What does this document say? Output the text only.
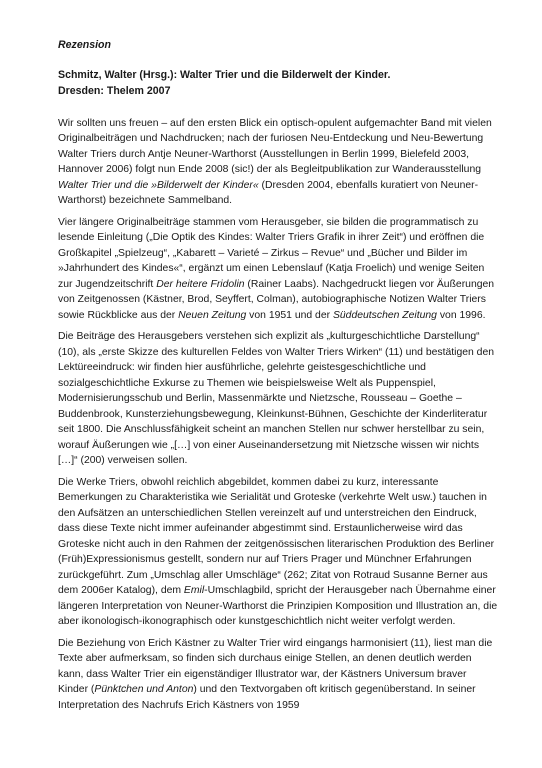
Rezension

Schmitz, Walter (Hrsg.): Walter Trier und die Bilderwelt der Kinder.
Dresden: Thelem 2007

Wir sollten uns freuen – auf den ersten Blick ein optisch-opulent aufgemachter Band mit vielen Originalbeiträgen und Nachdrucken; nach der furiosen Neu-Entdeckung und Neu-Bewertung Walter Triers durch Antje Neuner-Warthorst (Ausstellungen in Berlin 1999, Bielefeld 2003, Hannover 2006) folgt nun Ende 2008 (sic!) der als Begleitpublikation zur Wanderausstellung Walter Trier und die »Bilderwelt der Kinder« (Dresden 2004, ebenfalls kuratiert von Neuner-Warthorst) bezeichnete Sammelband.

Vier längere Originalbeiträge stammen vom Herausgeber, sie bilden die programmatisch zu lesende Einleitung („Die Optik des Kindes: Walter Triers Grafik in ihrer Zeit“) und eröffnen die Großkapitel „Spielzeug“, „Kabarett – Varieté – Zirkus – Revue“ und „Bücher und Bilder im »Jahrhundert des Kindes«“, ergänzt um einen Lebenslauf (Katja Froelich) und wenige Seiten zur Jugendzeitschrift Der heitere Fridolin (Rainer Laabs). Nachgedruckt liegen vor Äußerungen von Zeitgenossen (Kästner, Brod, Seyffert, Colman), autobiographische Notizen Walter Triers sowie Rückblicke aus der Neuen Zeitung von 1951 und der Süddeutschen Zeitung von 1996.

Die Beiträge des Herausgebers verstehen sich explizit als „kulturgeschichtliche Darstellung“ (10), als „erste Skizze des kulturellen Feldes von Walter Triers Wirken“ (11) und bestätigen den Lektüreeindruck: wir finden hier ausführliche, gelehrte geistesgeschichtliche und sozialgeschichtliche Exkurse zu Themen wie beispielsweise Welt als Puppenspiel, Modernisierungsschub und Berlin, Massenmärkte und Nietzsche, Rousseau – Goethe –Buddenbrook, Kunsterziehungsbewegung, Kleinkunst-Bühnen, Geschichte der Kinderliteratur seit 1800. Die Anschlussfähigkeit scheint an manchen Stellen nur schwer herstellbar zu sein, worauf Äußerungen wie „[…] von einer Auseinandersetzung mit Nietzsche wissen wir nichts […]“ (200) verweisen sollen.

Die Werke Triers, obwohl reichlich abgebildet, kommen dabei zu kurz, interessante Bemerkungen zu Charakteristika wie Serialität und Groteske (verkehrte Welt usw.) tauchen in den Aufsätzen an unterschiedlichen Stellen vereinzelt auf und unterstreichen den Eindruck, dass diese Texte nicht immer aufeinander abgestimmt sind. Erstaunlicherweise wird das Groteske nicht auch in den Rahmen der zeitgenössischen literarischen Produktion des Berliner (Früh)Expressionismus gestellt, sondern nur auf Triers Prager und Münchner Erfahrungen zurückgeführt. Zum „Umschlag aller Umschläge“ (262; Zitat von Rotraud Susanne Berner aus dem 2006er Katalog), dem Emil-Umschlagbild, spricht der Herausgeber nach Übernahme einer längeren Interpretation von Neuner-Warthorst die Prinzipien Komposition und Illustration an, die aber ikonologisch-ikonographisch oder kunstgeschichtlich nicht weiter verfolgt werden.

Die Beziehung von Erich Kästner zu Walter Trier wird eingangs harmonisiert (11), liest man die Texte aber aufmerksam, so finden sich durchaus einige Stellen, an denen deutlich werden kann, dass Walter Trier ein eigenständiger Illustrator war, der Kästners Universum braver Kinder (Pünktchen und Anton) und den Textvorgaben oft kritisch gegenüberstand. In seiner Interpretation des Nachrufs Erich Kästners von 1959
